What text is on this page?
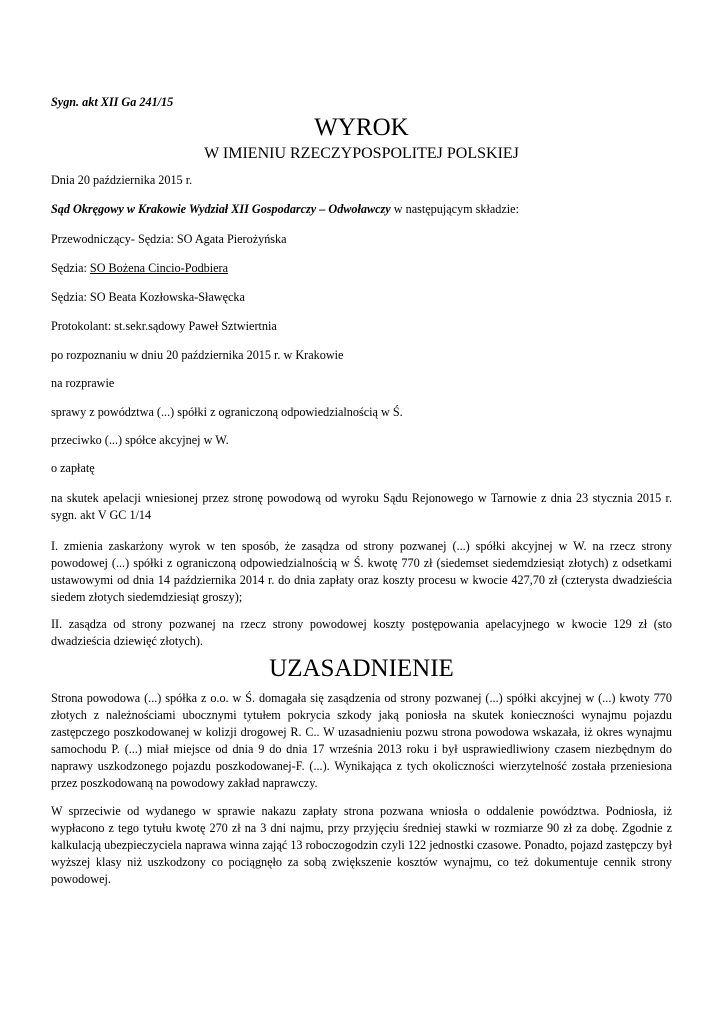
Sygn. akt XII Ga 241/15

WYROK
W IMIENIU RZECZYPOSPOLITEJ POLSKIEJ

Dnia 20 października 2015 r.

Sąd Okręgowy w Krakowie Wydział XII Gospodarczy – Odwoławczy w następującym składzie:

Przewodniczący- Sędzia: SO Agata Pierożyńska

Sędzia: SO Bożena Cincio-Podbiera

Sędzia: SO Beata Kozłowska-Sławęcka

Protokolant: st.sekr.sądowy Paweł Sztwiertnia

po rozpoznaniu w dniu 20 października 2015 r. w Krakowie

na rozprawie

sprawy z powództwa (...) spółki z ograniczoną odpowiedzialnością w Ś.

przeciwko (...) spółce akcyjnej w W.

o zapłatę

na skutek apelacji wniesionej przez stronę powodową od wyroku Sądu Rejonowego w Tarnowie z dnia 23 stycznia 2015 r. sygn. akt V GC 1/14

I. zmienia zaskarżony wyrok w ten sposób, że zasądza od strony pozwanej (...) spółki akcyjnej w W. na rzecz strony powodowej (...) spółki z ograniczoną odpowiedzialnością w Ś. kwotę 770 zł (siedemset siedemdziesiąt złotych) z odsetkami ustawowymi od dnia 14 października 2014 r. do dnia zapłaty oraz koszty procesu w kwocie 427,70 zł (czterysta dwadzieścia siedem złotych siedemdziesiąt groszy);

II. zasądza od strony pozwanej na rzecz strony powodowej koszty postępowania apelacyjnego w kwocie 129 zł (sto dwadzieścia dziewięć złotych).

UZASADNIENIE

Strona powodowa (...) spółka z o.o. w Ś. domagała się zasądzenia od strony pozwanej (...) spółki akcyjnej w (...) kwoty 770 złotych z należnościami ubocznymi tytułem pokrycia szkody jaką poniosła na skutek konieczności wynajmu pojazdu zastępczego poszkodowanej w kolizji drogowej R. C.. W uzasadnieniu pozwu strona powodowa wskazała, iż okres wynajmu samochodu P. (...) miał miejsce od dnia 9 do dnia 17 września 2013 roku i był usprawiedliwiony czasem niezbędnym do naprawy uszkodzonego pojazdu poszkodowanej-F. (...). Wynikająca z tych okoliczności wierzytelność została przeniesiona przez poszkodowaną na powodowy zakład naprawczy.

W sprzeciwie od wydanego w sprawie nakazu zapłaty strona pozwana wniosła o oddalenie powództwa. Podniosła, iż wypłacono z tego tytułu kwotę 270 zł na 3 dni najmu, przy przyjęciu średniej stawki w rozmiarze 90 zł za dobę. Zgodnie z kalkulacją ubezpieczyciela naprawa winna zająć 13 roboczogodzin czyli 122 jednostki czasowe. Ponadto, pojazd zastępczy był wyższej klasy niż uszkodzony co pociągnęło za sobą zwiększenie kosztów wynajmu, co też dokumentuje cennik strony powodowej.
